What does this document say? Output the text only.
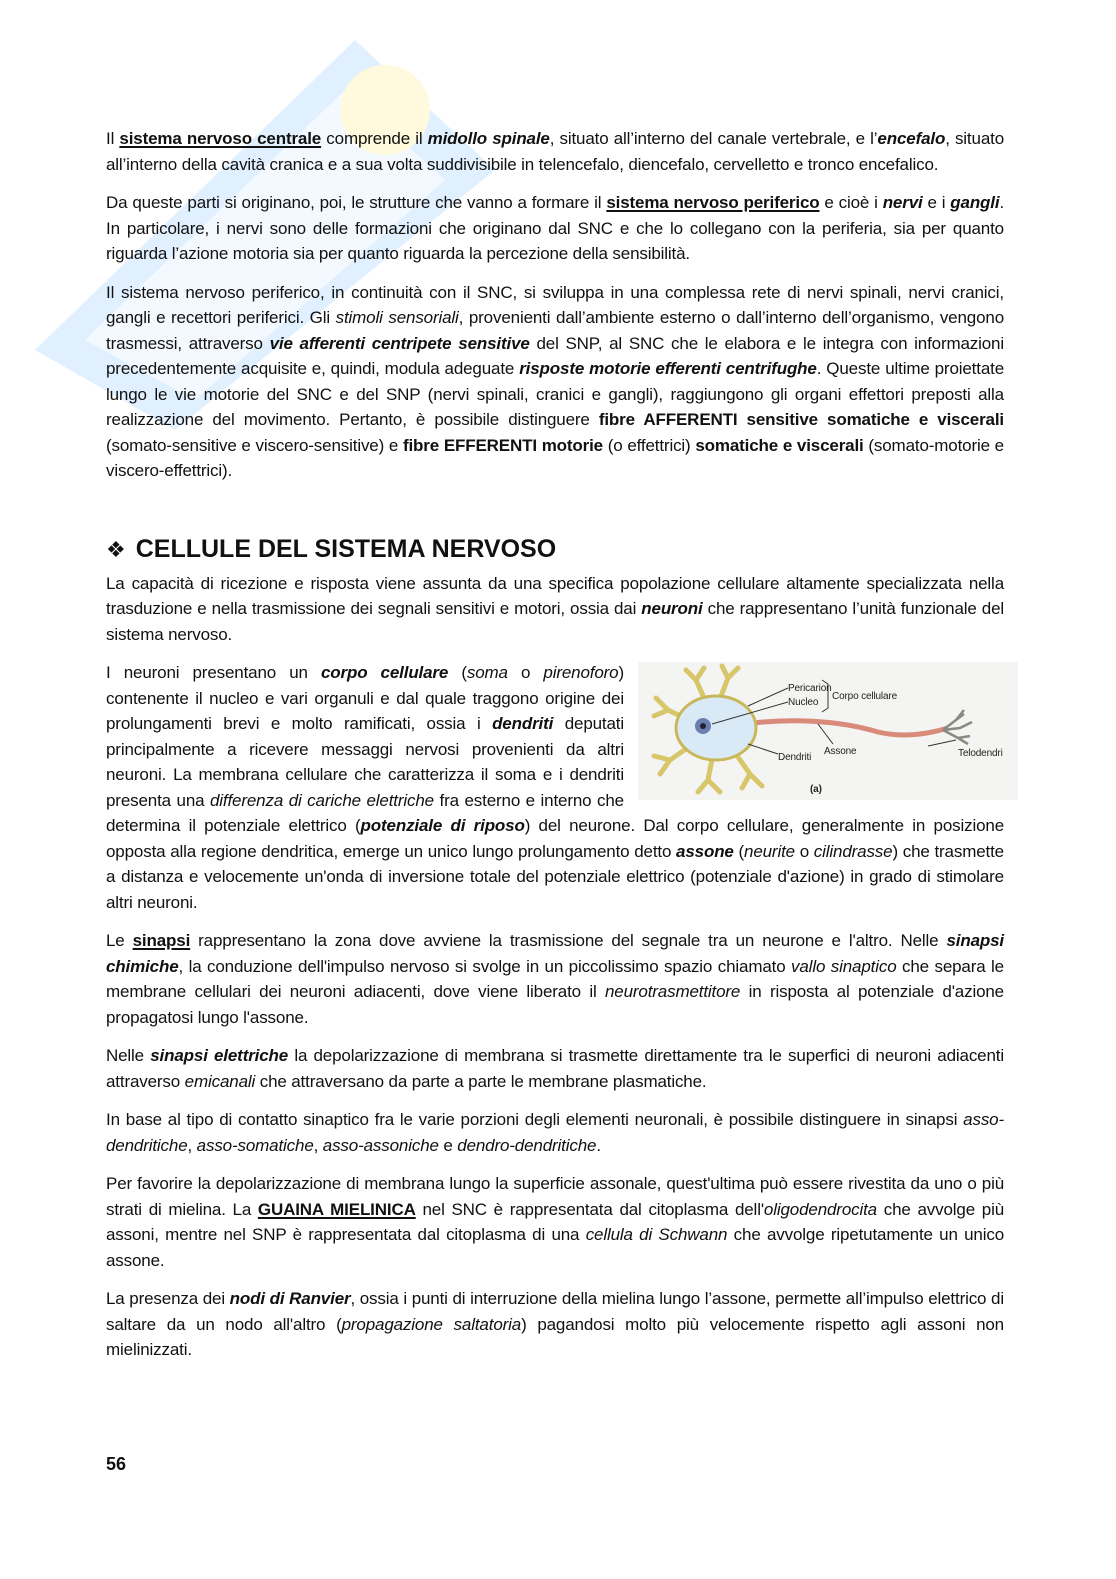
Il sistema nervoso centrale comprende il midollo spinale, situato all’interno del canale vertebrale, e l’encefalo, situato all’interno della cavità cranica e a sua volta suddivisibile in telencefalo, diencefalo, cervelletto e tronco encefalico.

Da queste parti si originano, poi, le strutture che vanno a formare il sistema nervoso periferico e cioè i nervi e i gangli. In particolare, i nervi sono delle formazioni che originano dal SNC e che lo collegano con la periferia, sia per quanto riguarda l’azione motoria sia per quanto riguarda la percezione della sensibilità.

Il sistema nervoso periferico, in continuità con il SNC, si sviluppa in una complessa rete di nervi spinali, nervi cranici, gangli e recettori periferici. Gli stimoli sensoriali, provenienti dall’ambiente esterno o dall’interno dell’organismo, vengono trasmessi, attraverso vie afferenti centripete sensitive del SNP, al SNC che le elabora e le integra con informazioni precedentemente acquisite e, quindi, modula adeguate risposte motorie efferenti centrifughe. Queste ultime proiettate lungo le vie motorie del SNC e del SNP (nervi spinali, cranici e gangli), raggiungono gli organi effettori preposti alla realizzazione del movimento. Pertanto, è possibile distinguere fibre AFFERENTI sensitive somatiche e viscerali (somato-sensitive e viscero-sensitive) e fibre EFFERENTI motorie (o effettrici) somatiche e viscerali (somato-motorie e viscero-effettrici).

❖ CELLULE DEL SISTEMA NERVOSO

La capacità di ricezione e risposta viene assunta da una specifica popolazione cellulare altamente specializzata nella trasduzione e nella trasmissione dei segnali sensitivi e motori, ossia dai neuroni che rappresentano l’unità funzionale del sistema nervoso.

I neuroni presentano un corpo cellulare (soma o pirenoforo
Pericarion
Nucleo
Corpo cellulare
Assone
Dendriti	Telodendri
(a)
) contenente il nucleo e vari organuli e dal quale traggono origine dei prolungamenti brevi e molto ramificati, ossia i dendriti deputati principalmente a ricevere messaggi nervosi provenienti da altri neuroni. La membrana cellulare che caratterizza il soma e i dendriti presenta una differenza di cariche elettriche fra esterno e interno che determina il potenziale elettrico (potenziale di riposo) del neurone. Dal corpo cellulare, generalmente in posizione opposta alla regione dendritica, emerge un unico lungo prolungamento detto assone (neurite o cilindrasse) che trasmette a distanza e velocemente un'onda di inversione totale del potenziale elettrico (potenziale d'azione) in grado di stimolare altri neuroni.

Le sinapsi rappresentano la zona dove avviene la trasmissione del segnale tra un neurone e l'altro. Nelle sinapsi chimiche, la conduzione dell'impulso nervoso si svolge in un piccolissimo spazio chiamato vallo sinaptico che separa le membrane cellulari dei neuroni adiacenti, dove viene liberato il neurotrasmettitore in risposta al potenziale d'azione propagatosi lungo l'assone.

Nelle sinapsi elettriche la depolarizzazione di membrana si trasmette direttamente tra le superfici di neuroni adiacenti attraverso emicanali che attraversano da parte a parte le membrane plasmatiche.

In base al tipo di contatto sinaptico fra le varie porzioni degli elementi neuronali, è possibile distinguere in sinapsi asso-dendritiche, asso-somatiche, asso-assoniche e dendro-dendritiche.

Per favorire la depolarizzazione di membrana lungo la superficie assonale, quest'ultima può essere rivestita da uno o più strati di mielina. La GUAINA MIELINICA nel SNC è rappresentata dal citoplasma dell'oligodendrocita che avvolge più assoni, mentre nel SNP è rappresentata dal citoplasma di una cellula di Schwann che avvolge ripetutamente un unico assone.

La presenza dei nodi di Ranvier, ossia i punti di interruzione della mielina lungo l’assone, permette all’impulso elettrico di saltare da un nodo all'altro (propagazione saltatoria) pagandosi molto più velocemente rispetto agli assoni non mielinizzati.

56
